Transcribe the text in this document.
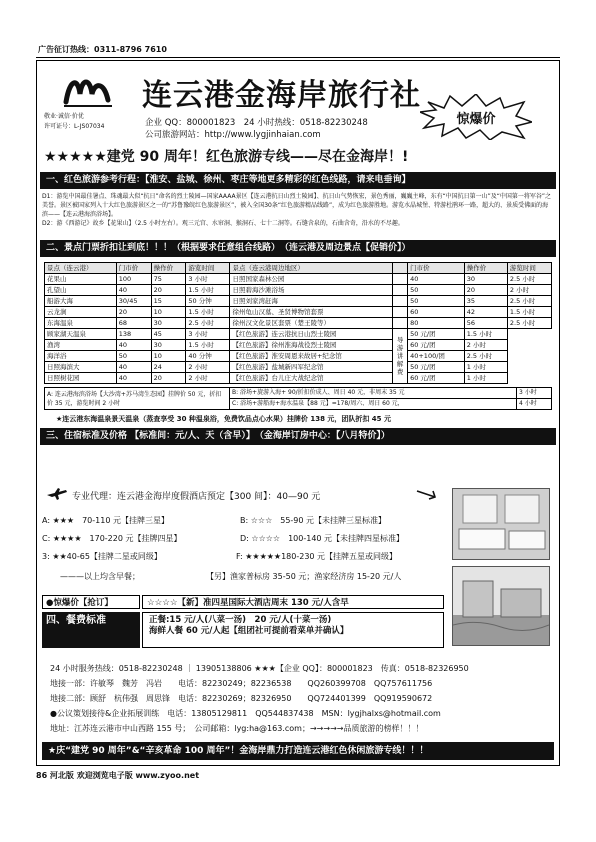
广告征订热线：0311-8796 7610
敬业·诚信·价优
许可证号：L-JS07034
连云港金海岸旅行社
企业 QQ：800001823　24 小时热线：0518-82230248
公司旅游网站：http://www.lygjinhaian.com
惊爆价
★★★★★建党 90 周年！红色旅游专线——尽在金海岸！!
一、红色旅游参考行程：【淮安、盐城、徐州、枣庄等地更多精彩的红色线路，请来电垂询】
D1：游览中国最佳暑点、珠魂最大似“抗日”命名的烈士陵园—国家AAAA景区【连云港抗日山烈士陵园】、抗日山气势恢宏，景色秀丽，巍巍主峰，东有“中国抗日第一山”及“中国第一将军谷”之美誉。景区被国家列入十大红色旅游景区之一的“苏鲁豫皖红色旅游景区”，被入全国30条“红色旅游精品线路”，成为红色旅游胜地。游览水晶城堡、特游杜鹃环一路，超大的、景质受佛面的海滨——【连云港海滨浴场】。
D2：游《西游记》故乡【花果山】（2.5 小时左右）。观三元宫、水帘洞、猴洞石、七十二洞等。石缝含泉的，石曲含奇，沿水的不尽趣。
二、景点门票折扣让到底！！！（根据要求任意组合线路）　（连云港及周边景点【促销价】）
景点（连云港）	门市价	操作价	游览时间	景点（连云港周边地区）		门市价	操作价	游览时间
花果山	100	75	3 小时	日照国家森林公园		40	30	2.5 小时
孔望山	40	20	1.5 小时	日照碧海沙滩浴场		50	20	2 小时
船游大海	30/45	15	50 分钟	日照刘家湾赶海		50	35	2.5 小时
云龙涧	20	10	1.5 小时	徐州龟山汉墓、圣贤博物馆套票		60	42	1.5 小时
东海温泉	68	30	2.5 小时	徐州汉文化景区套票（楚王陵等）		80	56	2.5 小时
顾家湖天温泉	138	45	3 小时	【红色旅游】连云港抗日山烈士陵园	导游讲解费	50 元/团	1.5 小时	
渔湾	40	30	1.5 小时	【红色旅游】徐州淮海战役烈士陵园		60 元/团	2 小时	
海洋浴	50	10	40 分钟	【红色旅游】淮安周恩来故居+纪念馆		40+100/团	2.5 小时	
日照海滨大	40	24	2 小时	【红色旅游】盐城新四军纪念馆		50 元/团	1 小时	
日照树花园	40	20	2 小时	【红色旅游】台儿庄大战纪念馆		60 元/团	1 小时	
A: 连云港海滨浴场【大沙湾+苏马湾生态园】挂牌价 50 元，折扣价 35 元，游览时间 2 小时	B: 浴场+旋游入海+ 90/折扣价成人、周日 40 元，非周末 35 元	3 小时
	C: 浴场+游船海+海水温泉【88 元】=178/周六、周日 60 元，	4 小时
★连云港东海温泉景天温泉（蒸查享受 30 种温泉浴，免费饮品点心水果）挂牌价 138 元，团队折扣 45 元
三、住宿标准及价格 【标准间：元/人、天（含早）】　（金海岸订房中心：【八月特价】）
专业代理：连云港金海岸度假酒店预定【300 间】：40—90 元
A: ★★★　70-110 元【挂牌三星】	B: ☆☆☆　55-90 元【未挂牌三星标准】
C: ★★★★　170-220 元【挂牌四星】	D: ☆☆☆☆　100-140 元【未挂牌四星标准】
3: ★★40-65【挂牌二星或同级】	F: ★★★★★180-230 元【挂牌五星或同级】
———以上均含早餐；	【另】渔家普标房 35-50 元；渔家经济房 15-20 元/人
●惊爆价【抢订】	☆☆☆☆【新】准四星国际大酒店周末 130 元/人含早
四、餐费标准	正餐:15 元/人(八菜一汤)　20 元/人(十菜一汤)
海鲜人餐 60 元/人起【组团社可提前看菜单并确认】
24 小时服务热线：0518-82230248 ｜ 13905138806 ★★★【企业 QQ】：800001823　传真：0518-82326950
地接一部：许敏琴　魏芳　冯岩　　电话：82230249；82236538　　QQ260399708　QQ757611756
地接二部：顾舒　杭伟强　周思锋　电话：82230269；82326950　　QQ724401399　QQ919590672
●公议策划接待&企业拓展训练　电话：13805129811　QQ544837438　MSN：lygjhalxs@hotmail.com
地址：江苏连云港市中山西路 155 号；　公司邮箱：lyg:ha@163.com；→→→→→品质旅游的榜样！！！
★庆“建党 90 周年”&“辛亥革命 100 周年”！金海岸鼎力打造连云港红色休闲旅游专线！！！
86 河北版 欢迎浏览电子版 www.zyoo.net
